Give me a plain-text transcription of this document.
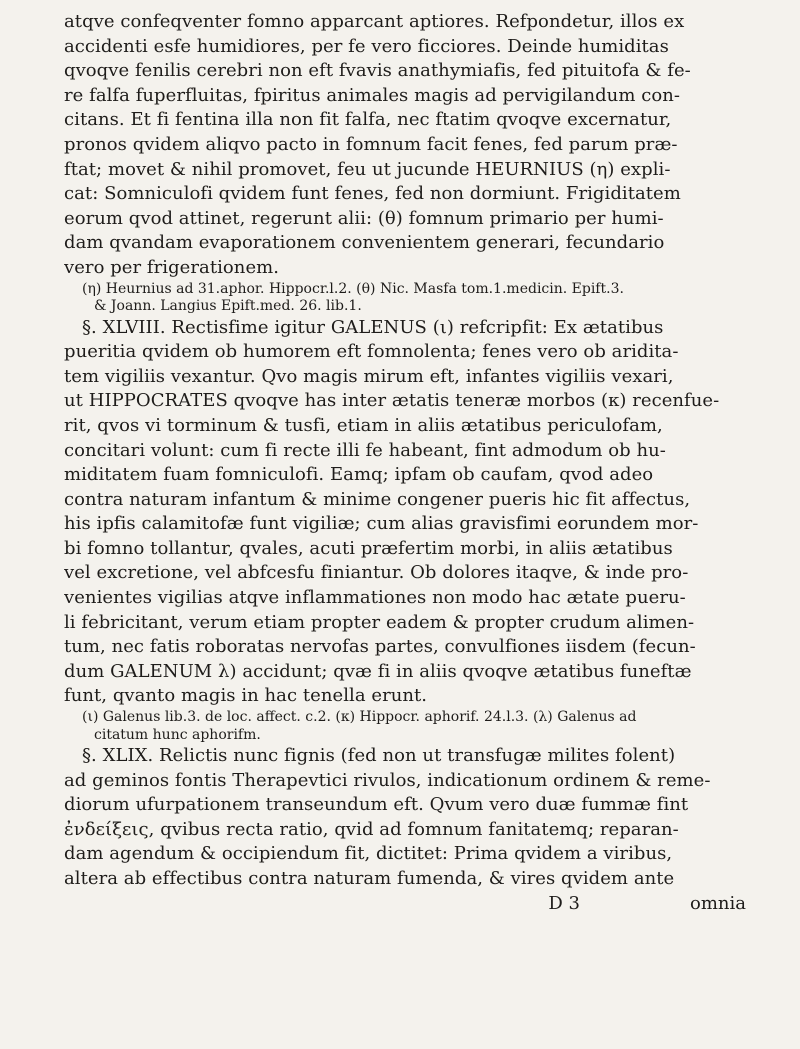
atqve confeqventer fomno apparcant aptiores. Refpondetur, illos ex
accidenti esfe humidiores, per fe vero ficciores. Deinde humiditas
qvoqve fenilis cerebri non eft fvavis anathymiafis, fed pituitofa & fe-
re falfa fuperfluitas, fpiritus animales magis ad pervigilandum con-
citans. Et fi fentina illa non fit falfa, nec ftatim qvoqve excernatur,
pronos qvidem aliqvo pacto in fomnum facit fenes, fed parum præ-
ftat; movet & nihil promovet, feu ut jucunde HEURNIUS (η) expli-
cat: Somniculofi qvidem funt fenes, fed non dormiunt. Frigiditatem
eorum qvod attinet, regerunt alii: (θ) fomnum primario per humi-
dam qvandam evaporationem convenientem generari, fecundario
vero per frigerationem.
(η) Heurnius ad 31.aphor. Hippocr.l.2. (θ) Nic. Masfa tom.1.medicin. Epift.3.
& Joann. Langius Epift.med. 26. lib.1.
§. XLVIII. Rectisfime igitur GALENUS (ι) refcripfit: Ex ætatibus
pueritia qvidem ob humorem eft fomnolenta; fenes vero ob aridita-
tem vigiliis vexantur. Qvo magis mirum eft, infantes vigiliis vexari,
ut HIPPOCRATES qvoqve has inter ætatis teneræ morbos (κ) recenfue-
rit, qvos vi torminum & tusfi, etiam in aliis ætatibus periculofam,
concitari volunt: cum fi recte illi fe habeant, fint admodum ob hu-
miditatem fuam fomniculofi. Eamq; ipfam ob caufam, qvod adeo
contra naturam infantum & minime congener pueris hic fit affectus,
his ipfis calamitofæ funt vigiliæ; cum alias gravisfimi eorundem mor-
bi fomno tollantur, qvales, acuti præfertim morbi, in aliis ætatibus
vel excretione, vel abfcesfu finiantur. Ob dolores itaqve, & inde pro-
venientes vigilias atqve inflammationes non modo hac ætate pueru-
li febricitant, verum etiam propter eadem & propter crudum alimen-
tum, nec fatis roboratas nervofas partes, convulfiones iisdem (fecun-
dum GALENUM λ) accidunt; qvæ fi in aliis qvoqve ætatibus funeftæ
funt, qvanto magis in hac tenella erunt.
(ι) Galenus lib.3. de loc. affect. c.2. (κ) Hippocr. aphorif. 24.l.3. (λ) Galenus ad
citatum hunc aphorifm.
§. XLIX. Relictis nunc fignis (fed non ut transfugæ milites folent)
ad geminos fontis Therapevtici rivulos, indicationum ordinem & reme-
diorum ufurpationem transeundum eft. Qvum vero duæ fummæ fint
ἐνδείξεις, qvibus recta ratio, qvid ad fomnum fanitatemq; reparan-
dam agendum & occipiendum fit, dictitet: Prima qvidem a viribus,
altera ab effectibus contra naturam fumenda, & vires qvidem ante
D 3	omnia
